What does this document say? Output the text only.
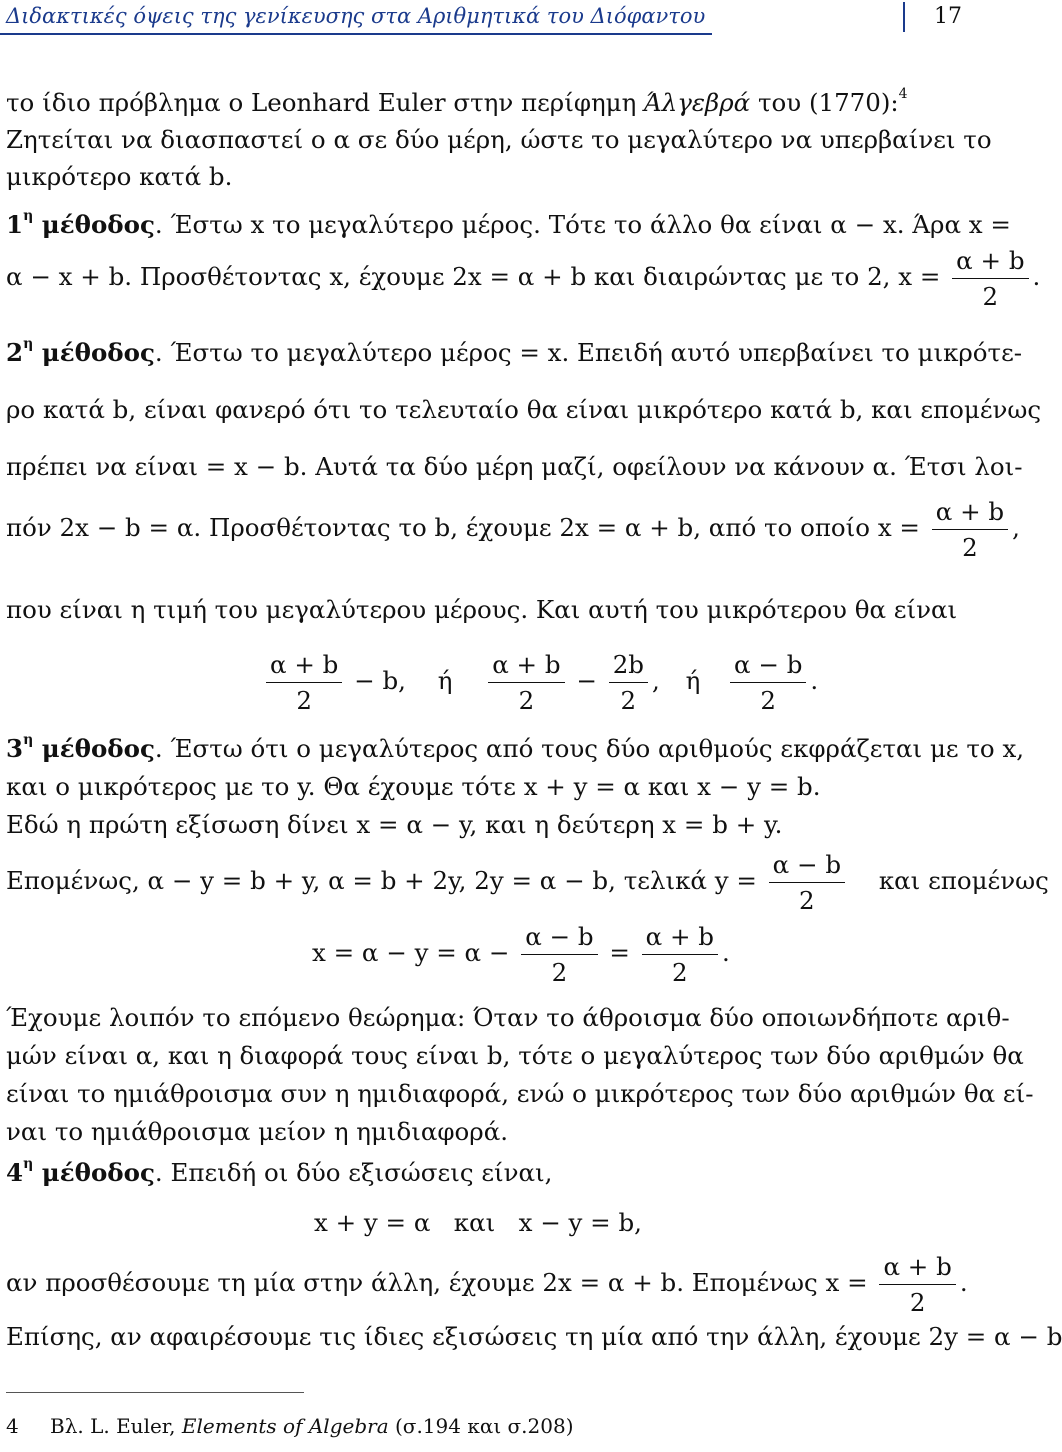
Διδακτικές όψεις της γενίκευσης στα Αριθμητικά του Διόφαντου	17
το ίδιο πρόβλημα ο Leonhard Euler στην περίφημη Άλγεβρά του (1770):$^4$
Ζητείται να διασπαστεί ο α σε δύο μέρη, ώστε το μεγαλύτερο να υπερβαίνει το
μικρότερο κατά b.
$1^\eta$ μέθοδος. Έστω x το μεγαλύτερο μέρος. Τότε το άλλο θα είναι α − x. Άρα x =
α − x + b. Προσθέτοντας x, έχουμε 2x = α + b και διαιρώντας με το 2, $x = \frac{\alpha + b}{2}$ .
$2^\eta$ μέθοδος. Έστω το μεγαλύτερο μέρος = x. Επειδή αυτό υπερβαίνει το μικρότε-
ρο κατά b, είναι φανερό ότι το τελευταίο θα είναι μικρότερο κατά b, και επομένως
πρέπει να είναι = x − b. Αυτά τα δύο μέρη μαζί, οφείλουν να κάνουν α. Έτσι λοι-
πόν 2x − b = α. Προσθέτοντας το b, έχουμε 2x = α + b, από το οποίο $x = \frac{\alpha + b}{2}$ ,
που είναι η τιμή του μεγαλύτερου μέρους. Και αυτή του μικρότερου θα είναι
$\frac{\alpha + b}{2} - b$, ή $\frac{\alpha + b}{2} - \frac{2b}{2}$ , ή $\frac{\alpha - b}{2}$ .
$3^\eta$ μέθοδος. Έστω ότι ο μεγαλύτερος από τους δύο αριθμούς εκφράζεται με το x,
και ο μικρότερος με το y. Θα έχουμε τότε x + y = α και x − y = b.
Εδώ η πρώτη εξίσωση δίνει x = α − y, και η δεύτερη x = b + y.
Επομένως, α − y = b + y, α = b + 2y, 2y = α − b, τελικά $y = \frac{\alpha - b}{2}$ και επομένως
$x = \alpha - y = \alpha - \frac{\alpha - b}{2} = \frac{\alpha + b}{2}$ .
Έχουμε λοιπόν το επόμενο θεώρημα: Όταν το άθροισμα δύο οποιωνδήποτε αριθ-
μών είναι α, και η διαφορά τους είναι b, τότε ο μεγαλύτερος των δύο αριθμών θα
είναι το ημιάθροισμα συν η ημιδιαφορά, ενώ ο μικρότερος των δύο αριθμών θα εί-
ναι το ημιάθροισμα μείον η ημιδιαφορά.
$4^\eta$ μέθοδος. Επειδή οι δύο εξισώσεις είναι,
x + y = α   και   x − y = b,
αν προσθέσουμε τη μία στην άλλη, έχουμε 2x = α + b. Επομένως $x = \frac{\alpha + b}{2}$ .
Επίσης, αν αφαιρέσουμε τις ίδιες εξισώσεις τη μία από την άλλη, έχουμε 2y = α − b
4 Βλ. L. Euler, Elements of Algebra (σ.194 και σ.208)
